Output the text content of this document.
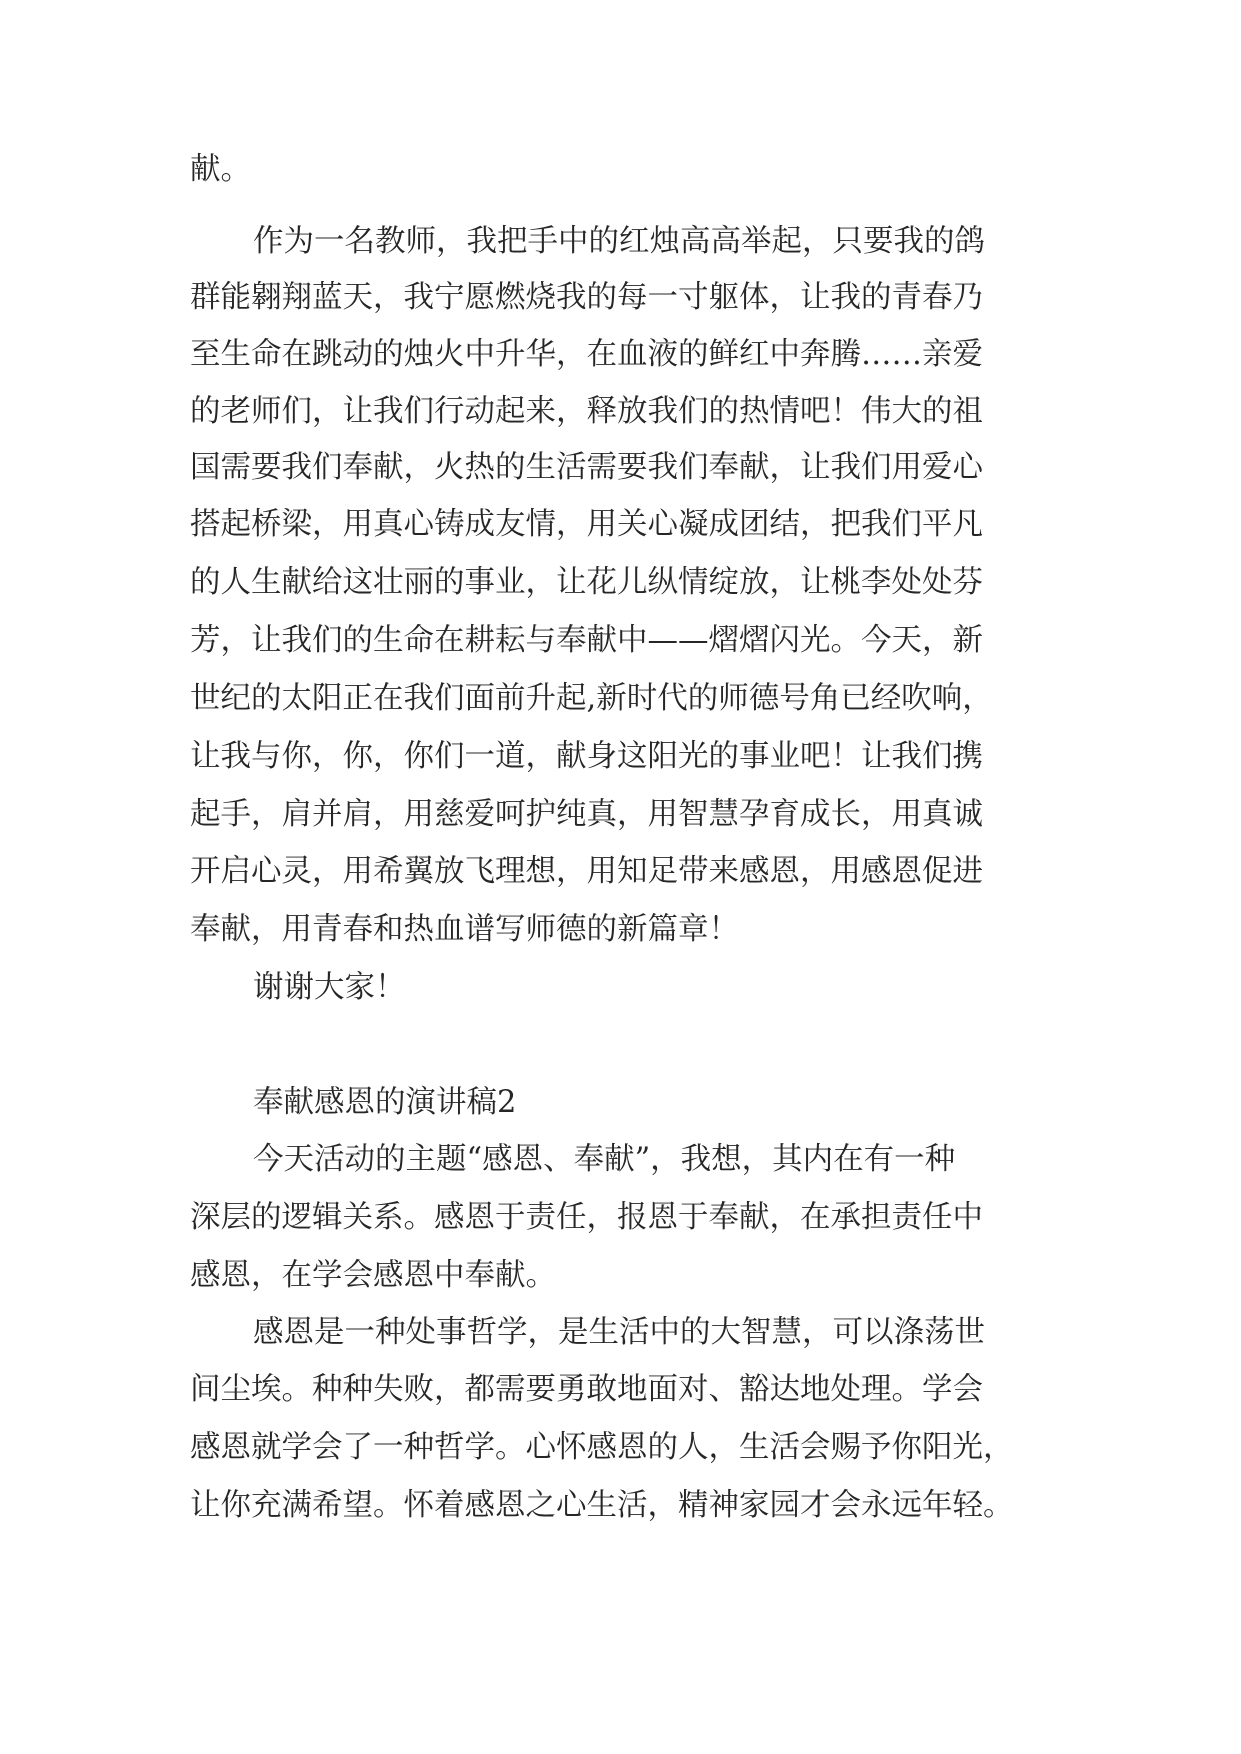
献。
作为一名教师，我把手中的红烛高高举起，只要我的鸽
群能翱翔蓝天，我宁愿燃烧我的每一寸躯体，让我的青春乃
至生命在跳动的烛火中升华，在血液的鲜红中奔腾……亲爱
的老师们，让我们行动起来，释放我们的热情吧！伟大的祖
国需要我们奉献，火热的生活需要我们奉献，让我们用爱心
搭起桥梁，用真心铸成友情，用关心凝成团结，把我们平凡
的人生献给这壮丽的事业，让花儿纵情绽放，让桃李处处芬
芳，让我们的生命在耕耘与奉献中——熠熠闪光。今天，新
世纪的太阳正在我们面前升起,新时代的师德号角已经吹响，
让我与你，你，你们一道，献身这阳光的事业吧！让我们携
起手，肩并肩，用慈爱呵护纯真，用智慧孕育成长，用真诚
开启心灵，用希翼放飞理想，用知足带来感恩，用感恩促进
奉献，用青春和热血谱写师德的新篇章！
谢谢大家！
奉献感恩的演讲稿2
今天活动的主题“感恩、奉献”，我想，其内在有一种
深层的逻辑关系。感恩于责任，报恩于奉献，在承担责任中
感恩，在学会感恩中奉献。
感恩是一种处事哲学，是生活中的大智慧，可以涤荡世
间尘埃。种种失败，都需要勇敢地面对、豁达地处理。学会
感恩就学会了一种哲学。心怀感恩的人，生活会赐予你阳光，
让你充满希望。怀着感恩之心生活，精神家园才会永远年轻。
